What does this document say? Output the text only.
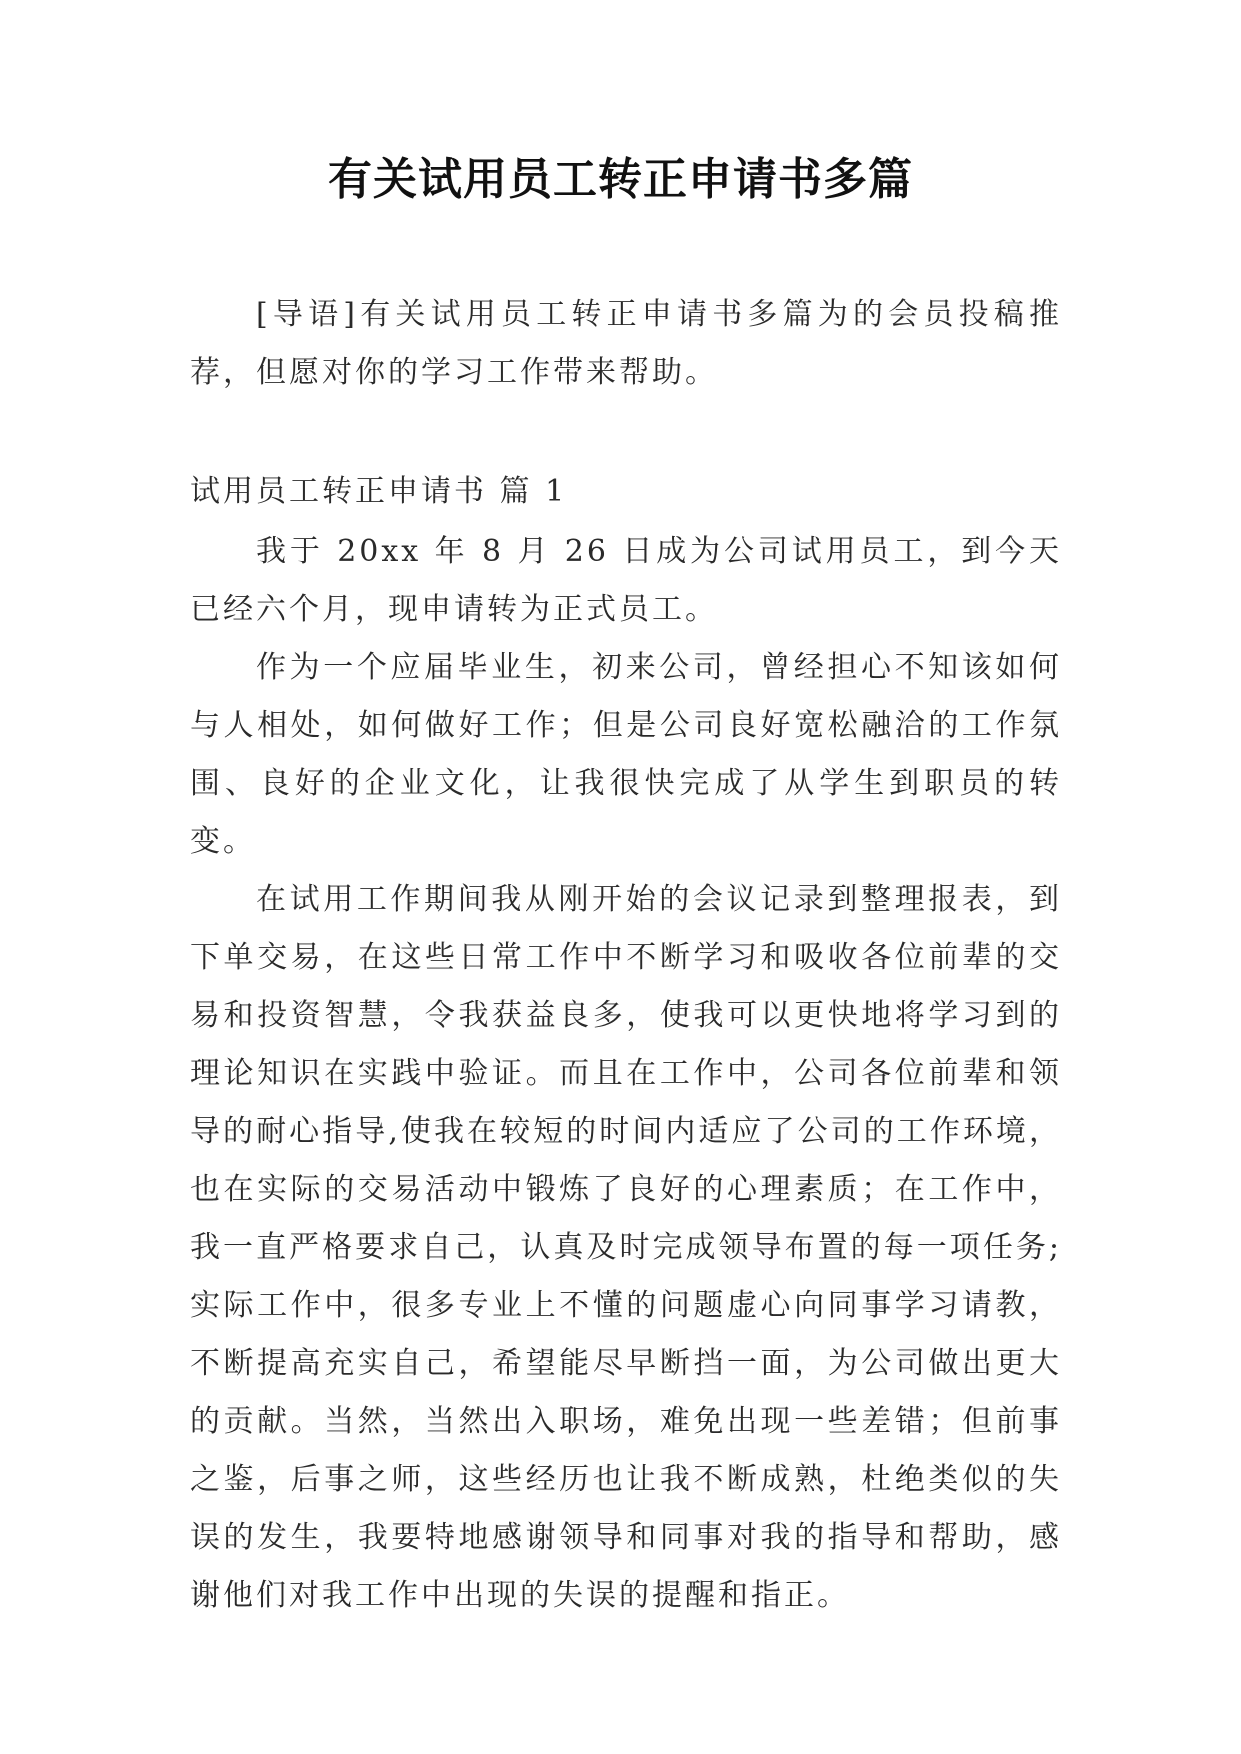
有关试用员工转正申请书多篇

[导语]有关试用员工转正申请书多篇为的会员投稿推荐，但愿对你的学习工作带来帮助。

试用员工转正申请书 篇 1

我于 20xx 年 8 月 26 日成为公司试用员工，到今天已经六个月，现申请转为正式员工。

作为一个应届毕业生，初来公司，曾经担心不知该如何与人相处，如何做好工作；但是公司良好宽松融洽的工作氛围、良好的企业文化，让我很快完成了从学生到职员的转变。

在试用工作期间我从刚开始的会议记录到整理报表，到下单交易，在这些日常工作中不断学习和吸收各位前辈的交易和投资智慧，令我获益良多，使我可以更快地将学习到的理论知识在实践中验证。而且在工作中，公司各位前辈和领导的耐心指导,使我在较短的时间内适应了公司的工作环境，也在实际的交易活动中锻炼了良好的心理素质；在工作中，我一直严格要求自己，认真及时完成领导布置的每一项任务;实际工作中，很多专业上不懂的问题虚心向同事学习请教，不断提高充实自己，希望能尽早断挡一面，为公司做出更大的贡献。当然，当然出入职场，难免出现一些差错；但前事之鉴，后事之师，这些经历也让我不断成熟，杜绝类似的失误的发生，我要特地感谢领导和同事对我的指导和帮助，感谢他们对我工作中出现的失误的提醒和指正。
